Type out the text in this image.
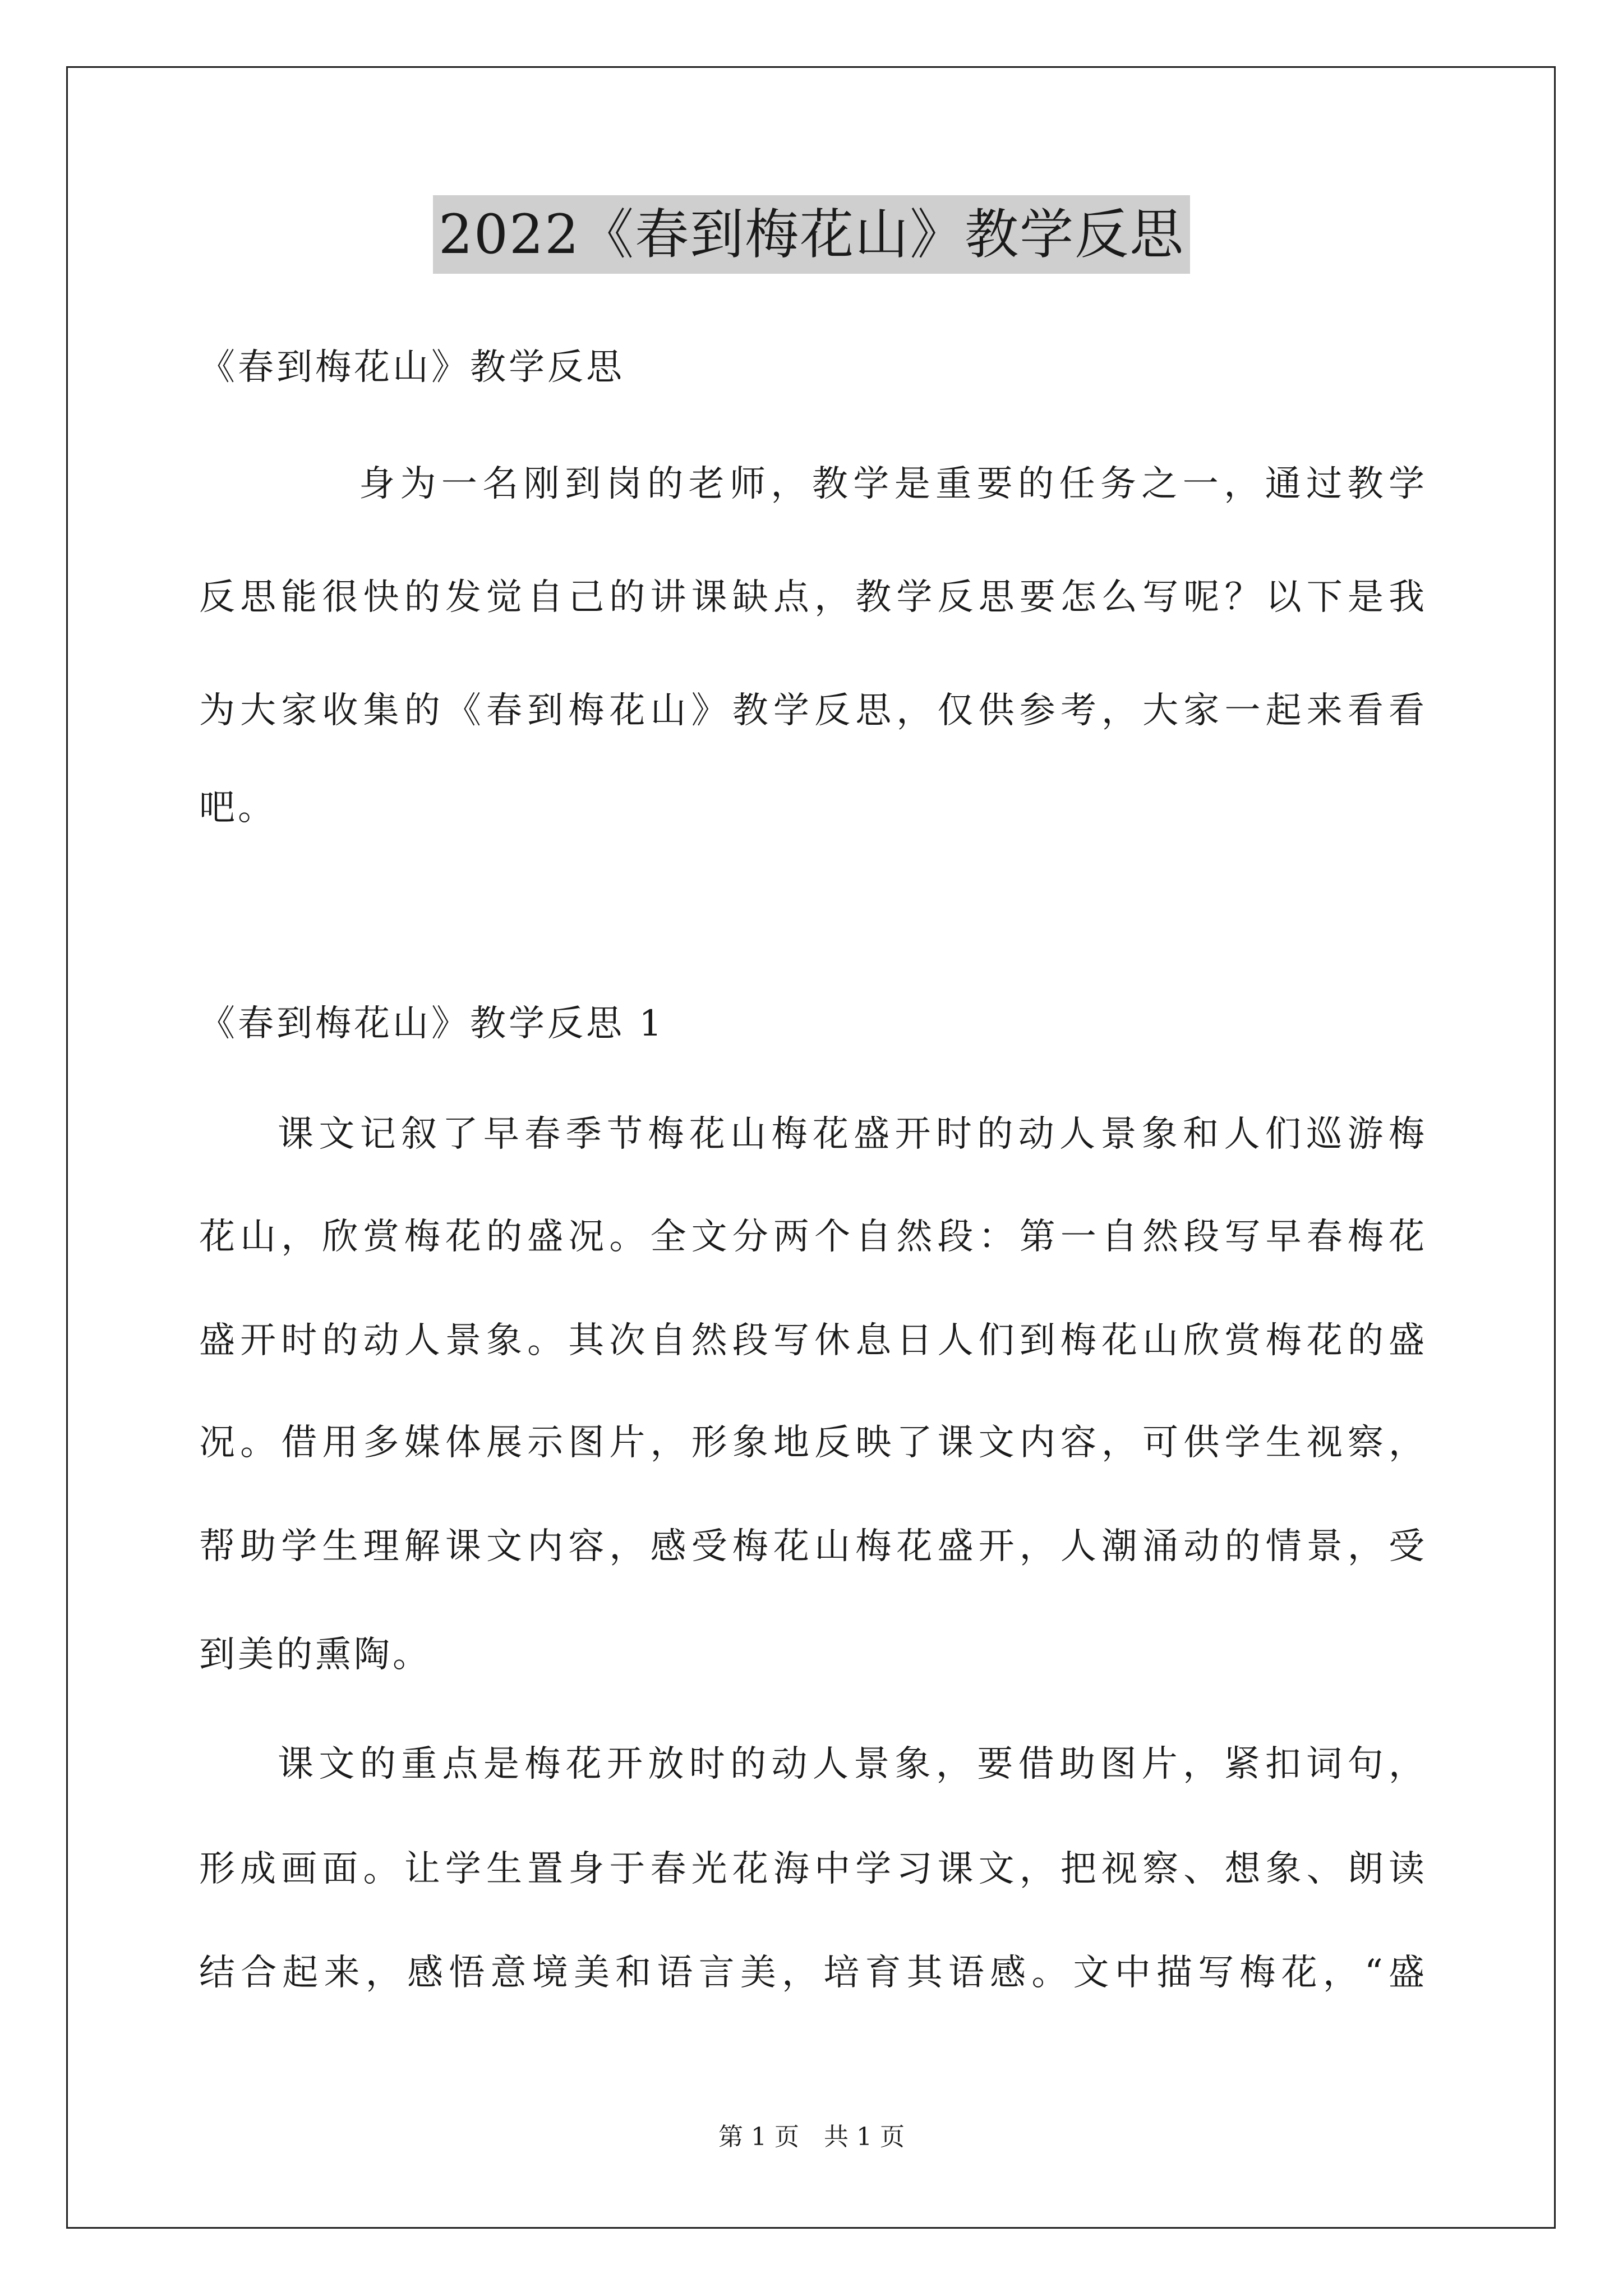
2022《春到梅花山》教学反思
《春到梅花山》教学反思
身为一名刚到岗的老师，教学是重要的任务之一，通过教学
反思能很快的发觉自己的讲课缺点，教学反思要怎么写呢？以下是我
为大家收集的《春到梅花山》教学反思，仅供参考，大家一起来看看
吧。
《春到梅花山》教学反思 1
课文记叙了早春季节梅花山梅花盛开时的动人景象和人们巡游梅
花山，欣赏梅花的盛况。全文分两个自然段：第一自然段写早春梅花
盛开时的动人景象。其次自然段写休息日人们到梅花山欣赏梅花的盛
况。借用多媒体展示图片，形象地反映了课文内容，可供学生视察，
帮助学生理解课文内容，感受梅花山梅花盛开，人潮涌动的情景，受
到美的熏陶。
课文的重点是梅花开放时的动人景象，要借助图片，紧扣词句，
形成画面。让学生置身于春光花海中学习课文，把视察、想象、朗读
结合起来，感悟意境美和语言美，培育其语感。文中描写梅花，“盛
第 1 页　共 1 页
